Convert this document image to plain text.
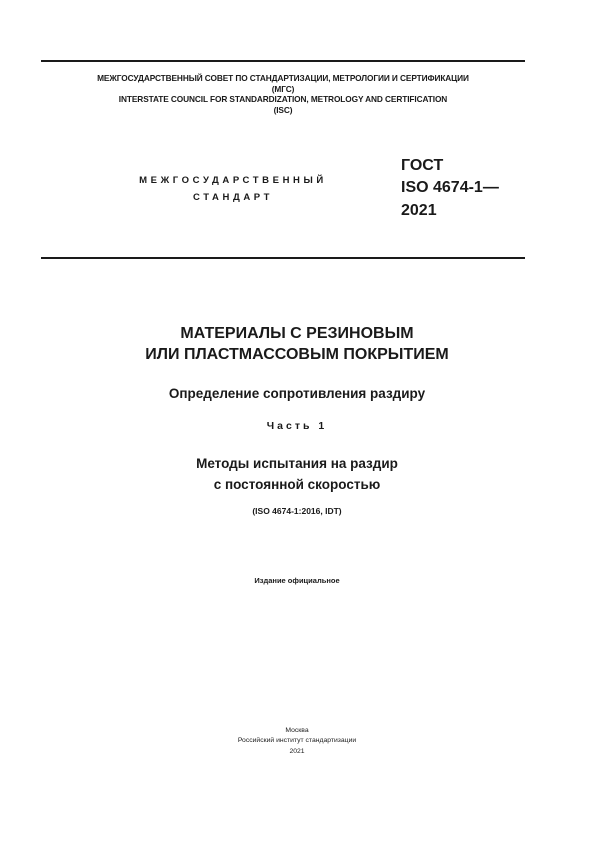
МЕЖГОСУДАРСТВЕННЫЙ СОВЕТ ПО СТАНДАРТИЗАЦИИ, МЕТРОЛОГИИ И СЕРТИФИКАЦИИ
(МГС)
INTERSTATE COUNCIL FOR STANDARDIZATION, METROLOGY AND CERTIFICATION
(ISC)
МЕЖГОСУДАРСТВЕННЫЙ
СТАНДАРТ
ГОСТ
ISO 4674-1—
2021
МАТЕРИАЛЫ С РЕЗИНОВЫМ
ИЛИ ПЛАСТМАССОВЫМ ПОКРЫТИЕМ
Определение сопротивления раздиру
Часть 1
Методы испытания на раздир
с постоянной скоростью
(ISO 4674-1:2016, IDT)
Издание официальное
Москва
Российский институт стандартизации
2021
